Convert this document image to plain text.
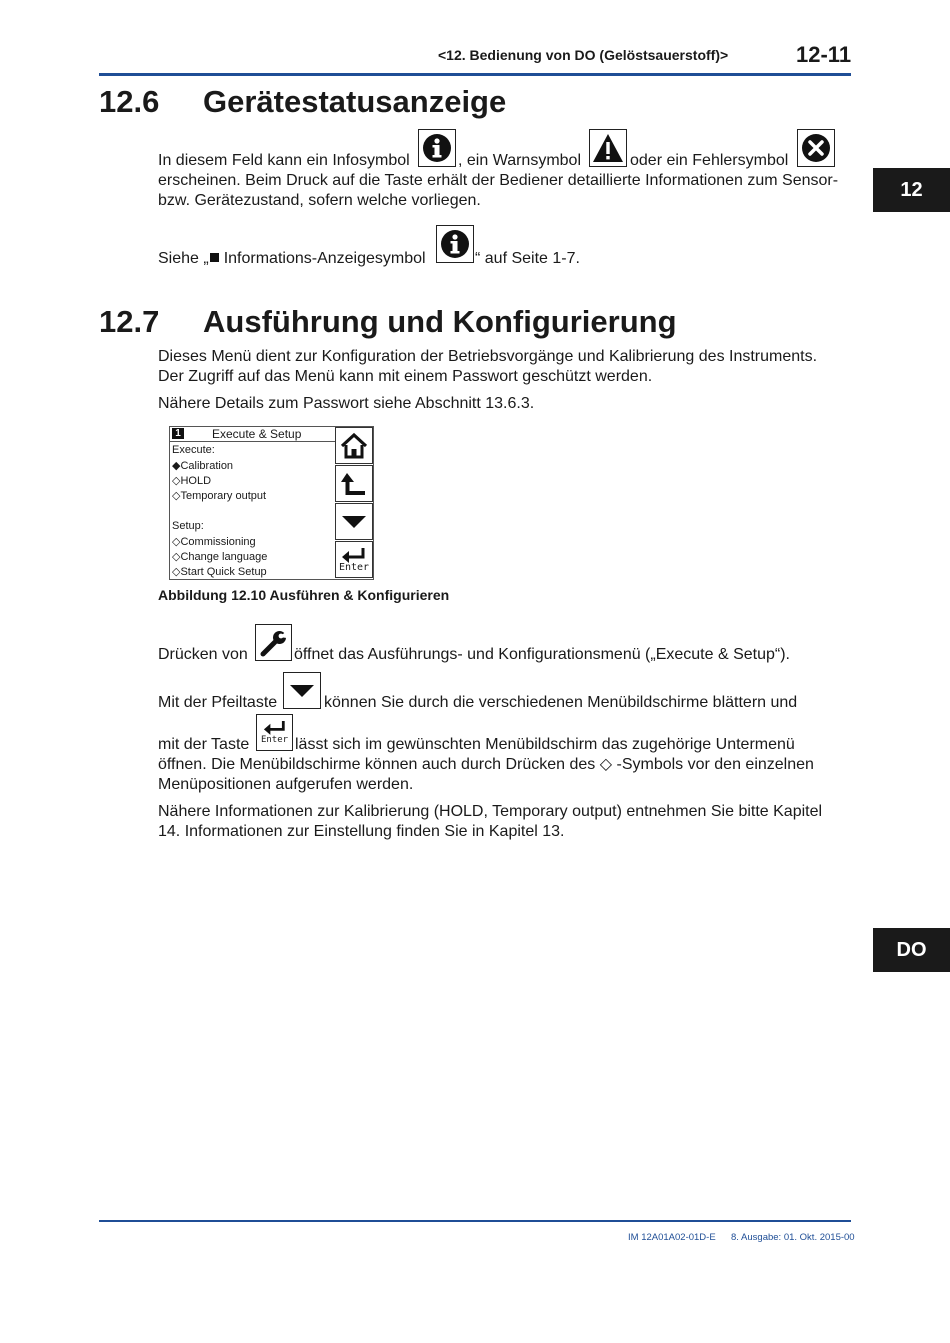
<12. Bedienung von DO (Gelöstsauerstoff)>	12-11
12
DO
12.6 Gerätestatusanzeige
In diesem Feld kann ein Infosymbol	, ein Warnsymbol	oder ein Fehlersymbol
erscheinen. Beim Druck auf die Taste erhält der Bediener detaillierte Informationen zum Sensor-
bzw. Gerätezustand, sofern welche vorliegen.
Siehe „ Informations-Anzeigesymbol	“ auf Seite 1-7.
12.7 Ausführung und Konfigurierung
Dieses Menü dient zur Konfiguration der Betriebsvorgänge und Kalibrierung des Instruments.
Der Zugriff auf das Menü kann mit einem Passwort geschützt werden.
Nähere Details zum Passwort siehe Abschnitt 13.6.3.
1	Execute & Setup
Execute:
◆Calibration
◇HOLD
◇Temporary output
Setup:
◇Commissioning
◇Change language
◇Start Quick Setup	Enter
Abbildung 12.10 Ausführen & Konfigurieren
Drücken von	öffnet das Ausführungs- und Konfigurationsmenü („Execute & Setup“).
Mit der Pfeiltaste	können Sie durch die verschiedenen Menübildschirme blättern und
mit der Taste Enter lässt sich im gewünschten Menübildschirm das zugehörige Untermenü
öffnen. Die Menübildschirme können auch durch Drücken des ◇ -Symbols vor den einzelnen
Menüpositionen aufgerufen werden.
Nähere Informationen zur Kalibrierung (HOLD, Temporary output) entnehmen Sie bitte Kapitel
14. Informationen zur Einstellung finden Sie in Kapitel 13.
IM 12A01A02-01D-E 8. Ausgabe: 01. Okt. 2015-00
